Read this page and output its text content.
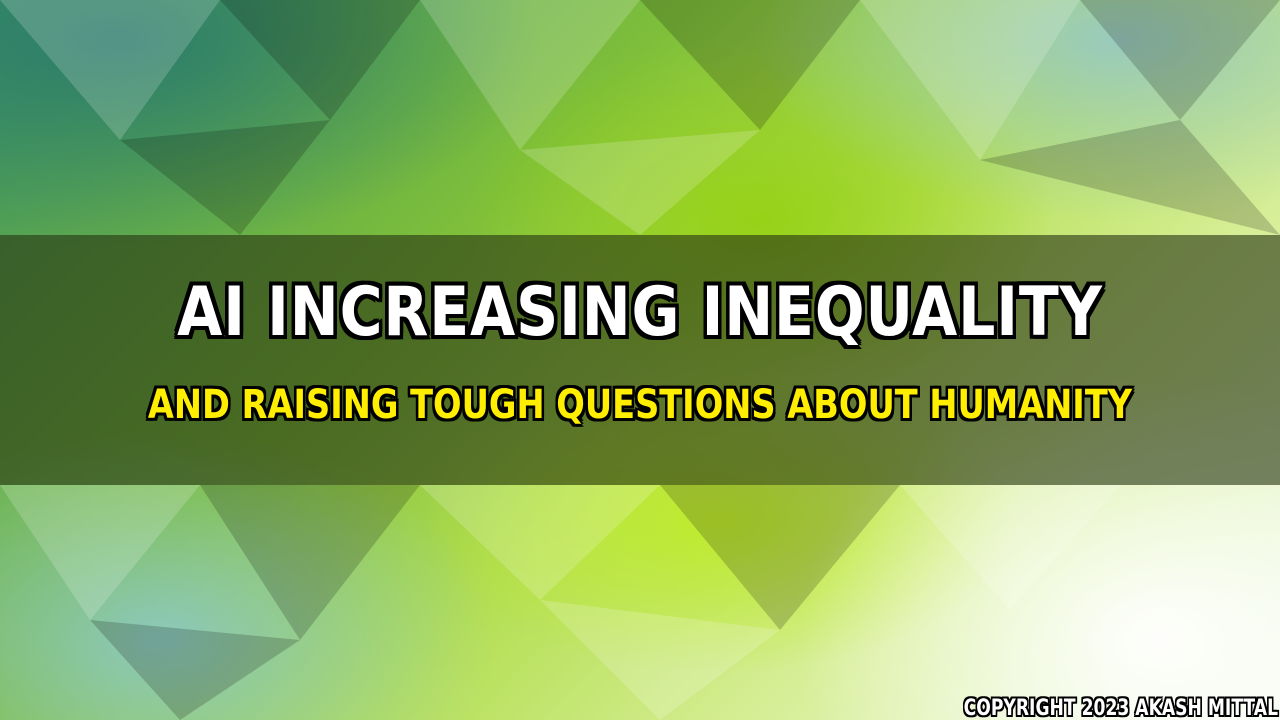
AI INCREASING INEQUALITY
AND RAISING TOUGH QUESTIONS ABOUT HUMANITY
COPYRIGHT 2023 AKASH MITTAL
